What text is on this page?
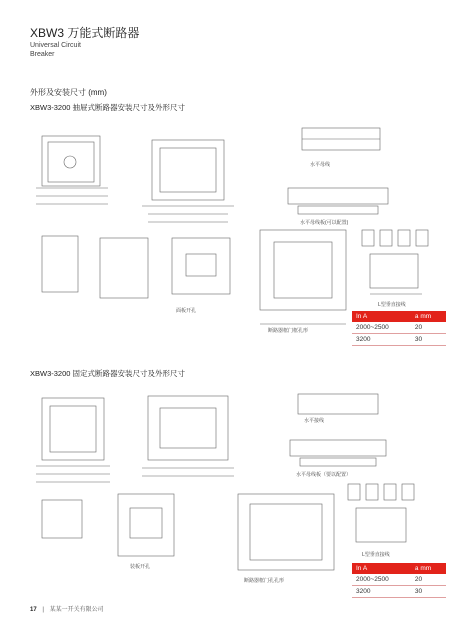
XBW3 万能式断路器
Universal Circuit
Breaker
外形及安装尺寸 (mm)
XBW3-3200 抽屉式断路器安装尺寸及外形尺寸
水平母线
水平母线板(可以配置)
面板开孔
断路器框门框孔形
L型垂直接线
In A	a mm
2000~2500	20
3200	30
XBW3-3200 固定式断路器安装尺寸及外形尺寸
水平接线
水平母线板（要以配置）
装板开孔
断路器框门孔孔形
L型垂直接线
In A	a mm
2000~2500	20
3200	30
17 | 某某一开关有限公司
